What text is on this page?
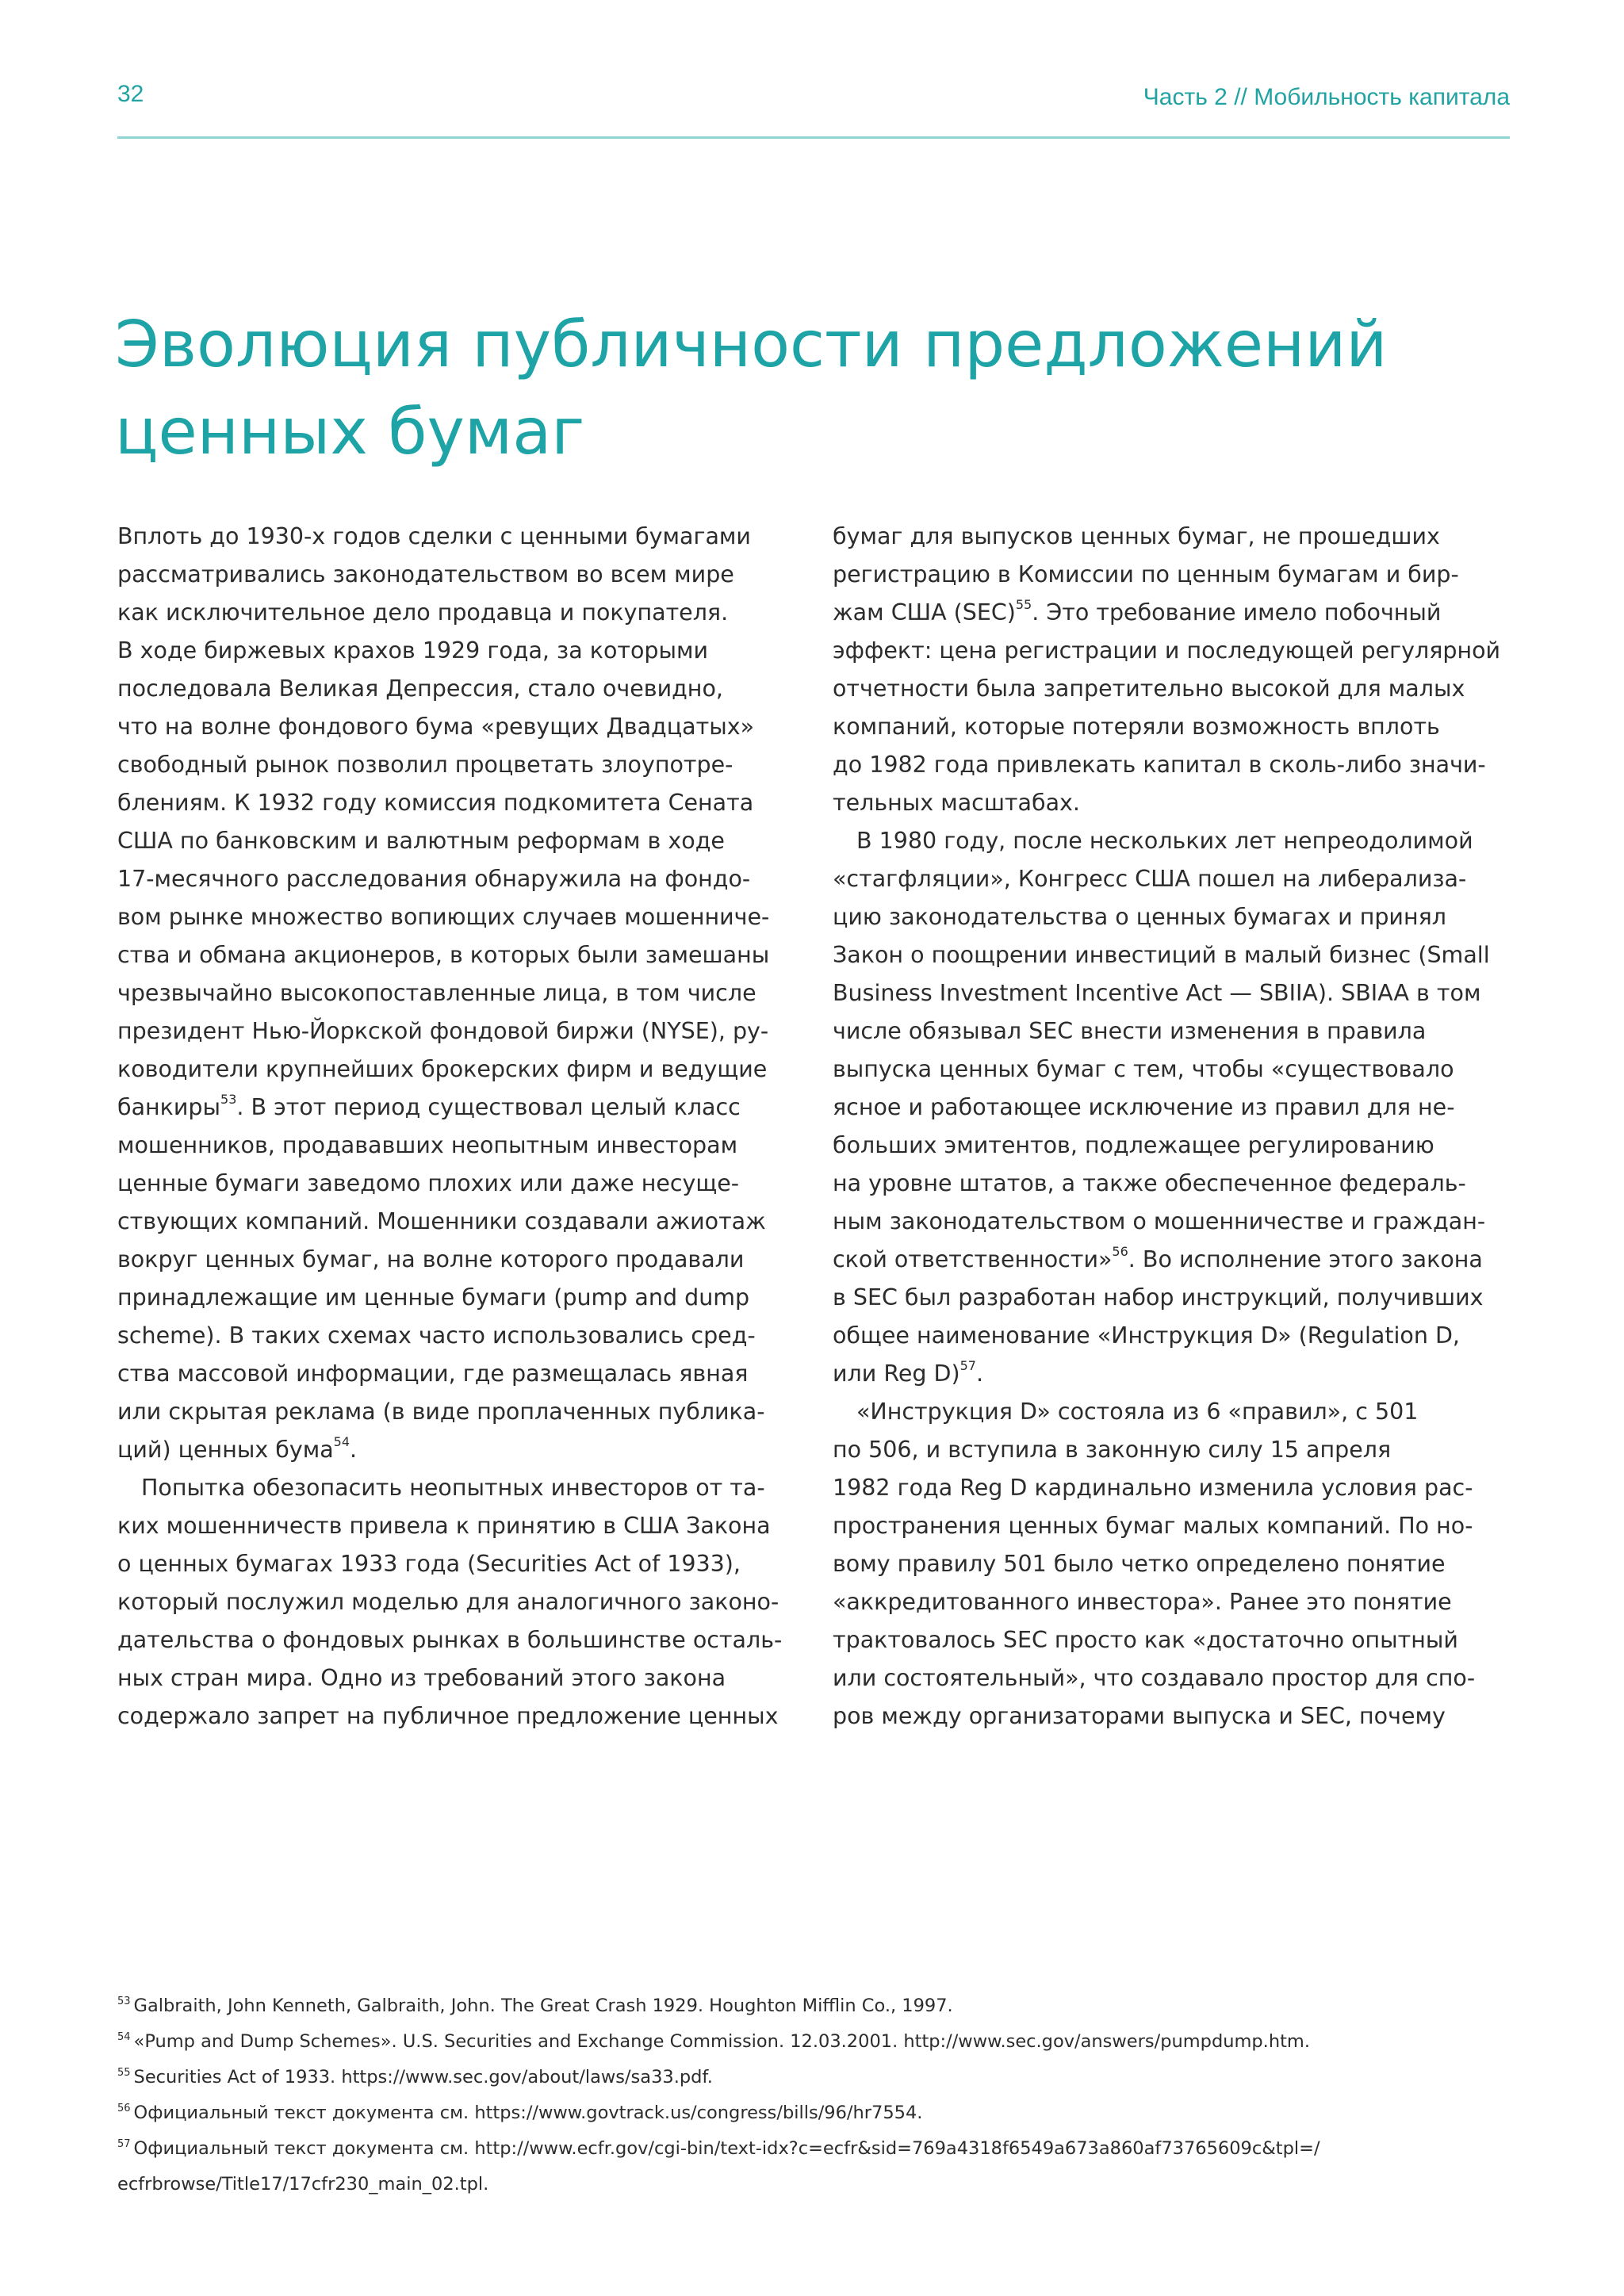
32	Часть 2 // Мобильность капитала
Эволюция публичности предложений
ценных бумаг

Вплоть до 1930-х годов сделки с ценными бумагами
рассматривались законодательством во всем мире
как исключительное дело продавца и покупателя.
В ходе биржевых крахов 1929 года, за которыми
последовала Великая Депрессия, стало очевидно,
что на волне фондового бума «ревущих Двадцатых»
свободный рынок позволил процветать злоупотре-
блениям. К 1932 году комиссия подкомитета Сената
США по банковским и валютным реформам в ходе
17-месячного расследования обнаружила на фондо-
вом рынке множество вопиющих случаев мошенниче-
ства и обмана акционеров, в которых были замешаны
чрезвычайно высокопоставленные лица, в том числе
президент Нью-Йоркской фондовой биржи (NYSE), ру-
ководители крупнейших брокерских фирм и ведущие
банкиры$^{53}$. В этот период существовал целый класс
мошенников, продававших неопытным инвесторам
ценные бумаги заведомо плохих или даже несуще-
ствующих компаний. Мошенники создавали ажиотаж
вокруг ценных бумаг, на волне которого продавали
принадлежащие им ценные бумаги (pump and dump
scheme). В таких схемах часто использовались сред-
ства массовой информации, где размещалась явная
или скрытая реклама (в виде проплаченных публика-
ций) ценных бума$^{54}$.

Попытка обезопасить неопытных инвесторов от та-
ких мошенничеств привела к принятию в США Закона
о ценных бумагах 1933 года (Securities Act of 1933),
который послужил моделью для аналогичного законо-
дательства о фондовых рынках в большинстве осталь-
ных стран мира. Одно из требований этого закона
содержало запрет на публичное предложение ценных

бумаг для выпусков ценных бумаг, не прошедших
регистрацию в Комиссии по ценным бумагам и бир-
жам США (SEC)$^{55}$. Это требование имело побочный
эффект: цена регистрации и последующей регулярной
отчетности была запретительно высокой для малых
компаний, которые потеряли возможность вплоть
до 1982 года привлекать капитал в сколь-либо значи-
тельных масштабах.

В 1980 году, после нескольких лет непреодолимой
«стагфляции», Конгресс США пошел на либерализа-
цию законодательства о ценных бумагах и принял
Закон о поощрении инвестиций в малый бизнес (Small
Business Investment Incentive Act — SBIIA). SBIAA в том
числе обязывал SEC внести изменения в правила
выпуска ценных бумаг с тем, чтобы «существовало
ясное и работающее исключение из правил для не-
больших эмитентов, подлежащее регулированию
на уровне штатов, а также обеспеченное федераль-
ным законодательством о мошенничестве и граждан-
ской ответственности»$^{56}$. Во исполнение этого закона
в SEC был разработан набор инструкций, получивших
общее наименование «Инструкция D» (Regulation D,
или Reg D)$^{57}$.

«Инструкция D» состояла из 6 «правил», с 501
по 506, и вступила в законную силу 15 апреля
1982 года Reg D кардинально изменила условия рас-
пространения ценных бумаг малых компаний. По но-
вому правилу 501 было четко определено понятие
«аккредитованного инвестора». Ранее это понятие
трактовалось SEC просто как «достаточно опытный
или состоятельный», что создавало простор для спо-
ров между организаторами выпуска и SEC, почему

$^{53}$ Galbraith, John Kenneth, Galbraith, John. The Great Crash 1929. Houghton Mifflin Co., 1997.
$^{54}$ «Pump and Dump Schemes». U.S. Securities and Exchange Commission. 12.03.2001. http://www.sec.gov/answers/pumpdump.htm.
$^{55}$ Securities Act of 1933. https://www.sec.gov/about/laws/sa33.pdf.
$^{56}$ Официальный текст документа см. https://www.govtrack.us/congress/bills/96/hr7554.
$^{57}$ Официальный текст документа см. http://www.ecfr.gov/cgi-bin/text-idx?c=ecfr&sid=769a4318f6549a673a860af73765609c&tpl=/
ecfrbrowse/Title17/17cfr230_main_02.tpl.
